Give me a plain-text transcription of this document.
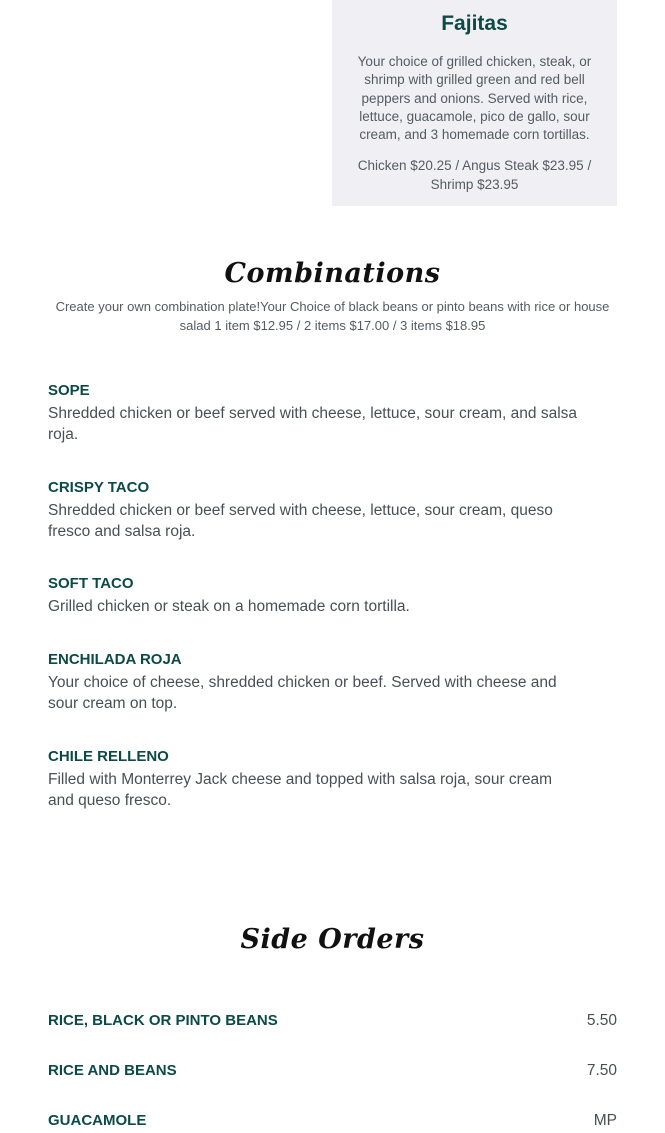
Fajitas

Your choice of grilled chicken, steak, or shrimp with grilled green and red bell peppers and onions. Served with rice, lettuce, guacamole, pico de gallo, sour cream, and 3 homemade corn tortillas.

Chicken $20.25 / Angus Steak $23.95 / Shrimp $23.95

Combinations

Create your own combination plate!Your Choice of black beans or pinto beans with rice or house salad 1 item $12.95 / 2 items $17.00 / 3 items $18.95

SOPE

Shredded chicken or beef served with cheese, lettuce, sour cream, and salsa roja.

CRISPY TACO

Shredded chicken or beef served with cheese, lettuce, sour cream, queso fresco and salsa roja.

SOFT TACO

Grilled chicken or steak on a homemade corn tortilla.

ENCHILADA ROJA

Your choice of cheese, shredded chicken or beef. Served with cheese and sour cream on top.

CHILE RELLENO

Filled with Monterrey Jack cheese and topped with salsa roja, sour cream and queso fresco.

Side Orders
RICE, BLACK OR PINTO BEANS	5.50
RICE AND BEANS	7.50
GUACAMOLE	MP
